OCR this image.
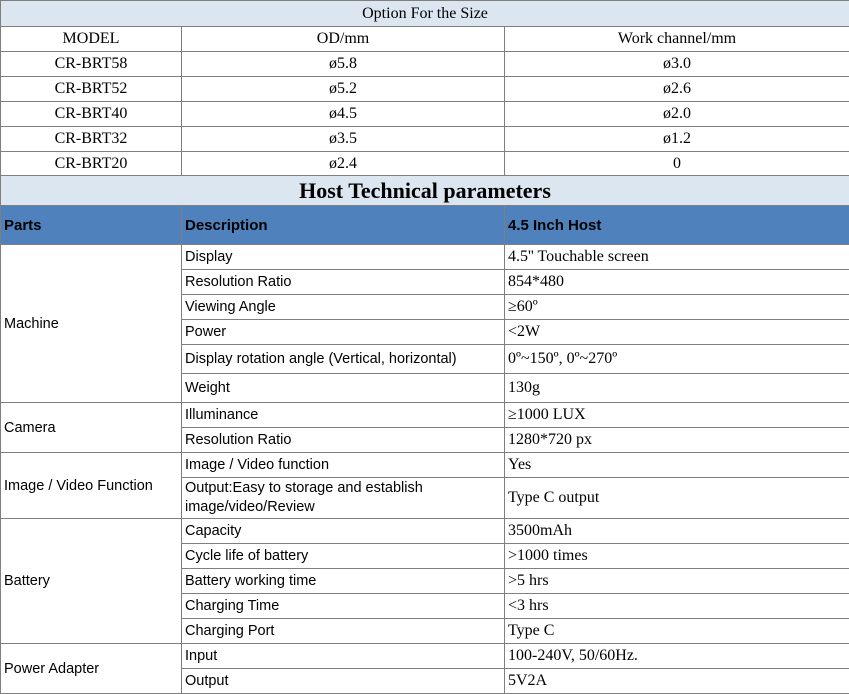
Option For the Size		
MODEL	OD/mm	Work channel/mm
CR-BRT58	ø5.8	ø3.0
CR-BRT52	ø5.2	ø2.6
CR-BRT40	ø4.5	ø2.0
CR-BRT32	ø3.5	ø1.2
CR-BRT20	ø2.4	0
Host Technical parameters		
Parts	Description	4.5 Inch Host
Machine	Display	4.5'' Touchable screen
	Resolution Ratio	854*480
	Viewing Angle	≥60º
	Power	<2W
	Display rotation angle (Vertical, horizontal)	0º~150º, 0º~270º
	Weight	130g
Camera	Illuminance	≥1000 LUX
	Resolution Ratio	1280*720 px
Image / Video Function	Image / Video function	Yes
	Output:Easy to storage and establish image/video/Review	Type C output
Battery	Capacity	3500mAh
	Cycle life of battery	>1000 times
	Battery working time	>5 hrs
	Charging Time	<3 hrs
	Charging Port	Type C
Power Adapter	Input	100-240V, 50/60Hz.
	Output	5V2A
